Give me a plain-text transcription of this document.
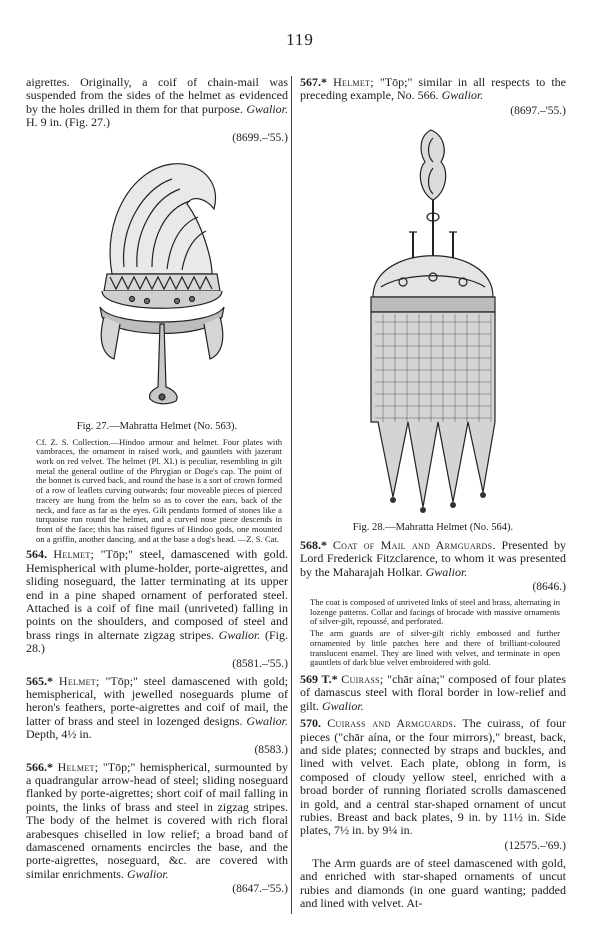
119

aigrettes. Originally, a coif of chain-mail was suspended from the sides of the helmet as evidenced by the holes drilled in them for that purpose. Gwalior. H. 9 in. (Fig. 27.)

(8699.–'55.)

Fig. 27.—Mahratta Helmet (No. 563).

Cf. Z. S. Collection.—Hindoo armour and helmet. Four plates with vambraces, the ornament in raised work, and gauntlets with jazerant work on red velvet. The helmet (Pl. XI.) is peculiar, resembling in gilt metal the general outline of the Phrygian or Doge's cap. The point of the bonnet is curved back, and round the base is a sort of crown formed of a row of leaflets curving outwards; four moveable pieces of pierced tracery are hung from the helm so as to cover the ears, back of the neck, and face as far as the eyes. Gilt pendants formed of stones like a turquoise run round the helmet, and a curved nose piece descends in front of the face; this has raised figures of Hindoo gods, one mounted on a griffin, another dancing, and at the base a dog's head. —Z. S. Cat.

564. Helmet; "Tōp;" steel, damascened with gold. Hemispherical with plume-holder, porte-aigrettes, and sliding noseguard, the latter terminating at its upper end in a pine shaped ornament of perforated steel. Attached is a coif of fine mail (unriveted) falling in points on the shoulders, and composed of steel and brass rings in alternate zigzag stripes. Gwalior. (Fig. 28.)

(8581.–'55.)

565.* Helmet; "Tōp;" steel damascened with gold; hemispherical, with jewelled noseguards plume of heron's feathers, porte-aigrettes and coif of mail, the latter of brass and steel in lozenged designs. Gwalior. Depth, 4½ in.

(8583.)

566.* Helmet; "Tōp;" hemispherical, surmounted by a quadrangular arrow-head of steel; sliding noseguard flanked by porte-aigrettes; short coif of mail falling in points, the links of brass and steel in zigzag stripes. The body of the helmet is covered with rich floral arabesques chiselled in low relief; a broad band of damascened ornaments encircles the base, and the porte-aigrettes, noseguard, &c. are covered with similar enrichments. Gwalior.

(8647.–'55.)

567.* Helmet; "Tōp;" similar in all respects to the preceding example, No. 566. Gwalior.

(8697.–'55.)

Fig. 28.—Mahratta Helmet (No. 564).

568.* Coat of Mail and Armguards. Presented by Lord Frederick Fitzclarence, to whom it was presented by the Maharajah Holkar. Gwalior.

(8646.)

The coat is composed of unriveted links of steel and brass, alternating in lozenge patterns. Collar and facings of brocade with massive ornaments of silver-gilt, repoussé, and perforated.

The arm guards are of silver-gilt richly embossed and further ornamented by little patches here and there of brilliant-coloured translucent enamel. They are lined with velvet, and terminate in open gauntlets of dark blue velvet embroidered with gold.

569 T.* Cuirass; "chār aína;" composed of four plates of damascus steel with floral border in low-relief and gilt. Gwalior.

570. Cuirass and Armguards. The cuirass, of four pieces ("chār aína, or the four mirrors)," breast, back, and side plates; connected by straps and buckles, and lined with velvet. Each plate, oblong in form, is composed of cloudy yellow steel, enriched with a broad border of running floriated scrolls damascened in gold, and a central star-shaped ornament of uncut rubies. Breast and back plates, 9 in. by 11½ in. Side plates, 7½ in. by 9¼ in.

(12575.–'69.)

The Arm guards are of steel damascened with gold, and enriched with star-shaped ornaments of uncut rubies and diamonds (in one guard wanting; padded and lined with velvet. At-
